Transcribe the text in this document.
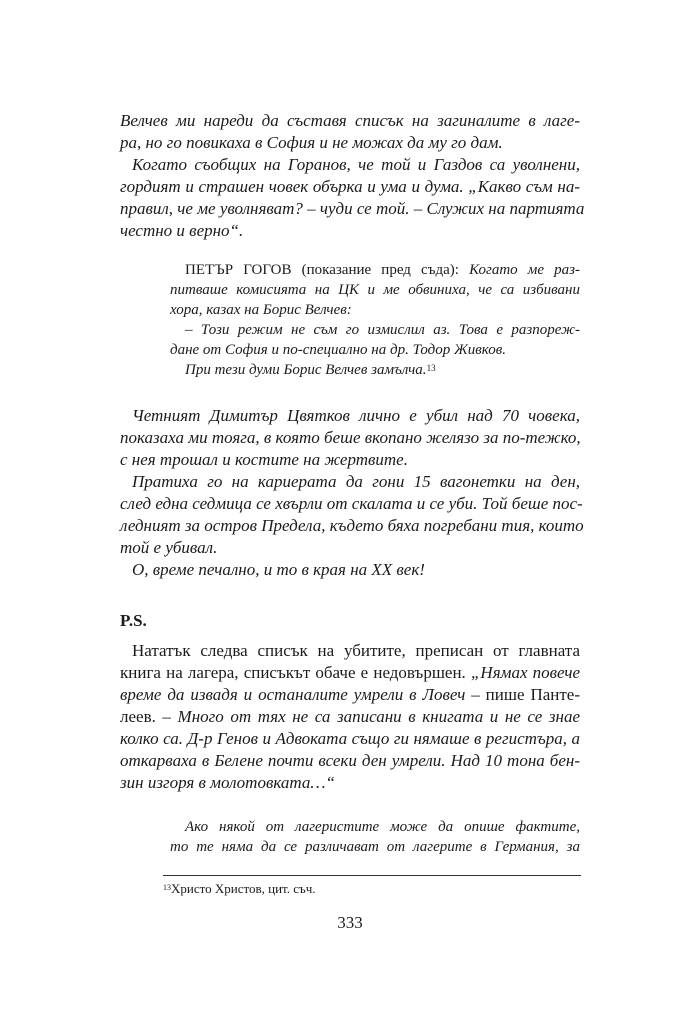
Велчев ми нареди да съставя списък на загиналите в лаге-
ра, но го повикаха в София и не можах да му го дам.
Когато съобщих на Горанов, че той и Газдов са уволнени,
гордият и страшен човек обърка и ума и дума. „Какво съм на-
правил, че ме уволняват? – чуди се той. – Служих на партията
честно и верно“.
ПЕТЪР ГОГОВ (показание пред съда): Когато ме раз-
питваше комисията на ЦК и ме обвиниха, че са избивани
хора, казах на Борис Велчев:
– Този режим не съм го измислил аз. Това е разпореж-
дане от София и по-специално на др. Тодор Живков.
При тези думи Борис Велчев замълча.$^{13}$
Четният Димитър Цвятков лично е убил над 70 човека,
показаха ми тояга, в която беше вкопано желязо за по-тежко,
с нея трошал и костите на жертвите.
Пратиха го на кариерата да гони 15 вагонетки на ден,
след една седмица се хвърли от скалата и се уби. Той беше пос-
ледният за остров Предела, където бяха погребани тия, които
той е убивал.
О, време печално, и то в края на XX век!
P.S.
Нататък следва списък на убитите, преписан от главната
книга на лагера, списъкът обаче е недовършен. „Нямах повече
време да извадя и останалите умрели в Ловеч – пише Панте-
леев. – Много от тях не са записани в книгата и не се знае
колко са. Д-р Генов и Адвоката също ги нямаше в регистъра, а
откарваха в Белене почти всеки ден умрели. Над 10 тона бен-
зин изгоря в молотовката…“
Ако някой от лагеристите може да опише фактите,
то те няма да се различават от лагерите в Германия, за
$^{13}$Христо Христов, цит. съч.
333
